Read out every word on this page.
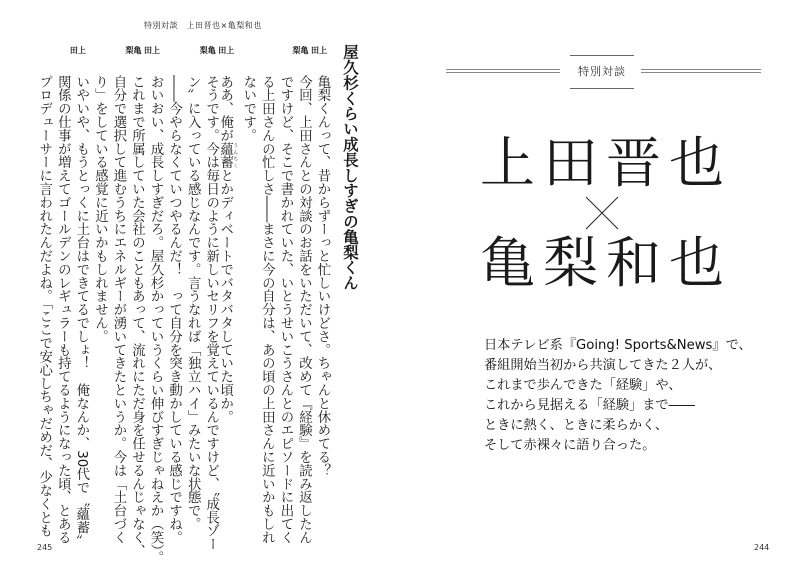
特別対談　上田晋也×亀梨和也
屋久杉くらい成長しすぎの亀梨くん
上
田
亀梨くんって、昔からずーっと忙しいけどさ。ちゃんと休めてる？
亀
梨
今回、上田さんとの対談のお話をいただいて、改めて『経験』を読み返したん
ですけど、そこで書かれていた、いとうせいこうさんとのエピソードに出てく
る上田さんの忙しさ――まさに今の自分は、あの頃の上田さんに近いかもしれ
ないです。
上
田
ああ、俺が蘊蓄 うんちくとかディベートでバタバタしていた頃か。
亀
梨
そうです。今は毎日のように新しいセリフを覚えているんですけど、〝成長ゾー
ン〟に入っている感じなんです。言うなれば「独立ハイ」みたいな状態で。
――今やらなくていつやるんだ！　って自分を突き動かしている感じですね。
上
田
おいおい、成長しすぎだろ。屋久杉かっていうくらい伸びすぎじゃねえか（笑）。
亀
梨
これまで所属していた会社のこともあって、流れにただ身を任せるんじゃなく、
自分で選択して進むうちにエネルギーが湧いてきたというか。今は「土台づく
り」をしている感覚に近いかもしれません。
上
田
いやいや、もうとっくに土台はできてるでしょ！　俺なんか、30代で〝蘊蓄〟
関係の仕事が増えてゴールデンのレギュラーも持てるようになった頃、とある
プロデューサーに言われたんだよね。「ここで安心しちゃだめだ、少なくとも
245
特別対談
上田晋也
亀梨和也
日本テレビ系『Going! Sports&News』で、
番組開始当初から共演してきた２人が、
これまで歩んできた「経験」や、
これから見据える「経験」まで――
ときに熱く、ときに柔らかく、
そして赤裸々に語り合った。
244
